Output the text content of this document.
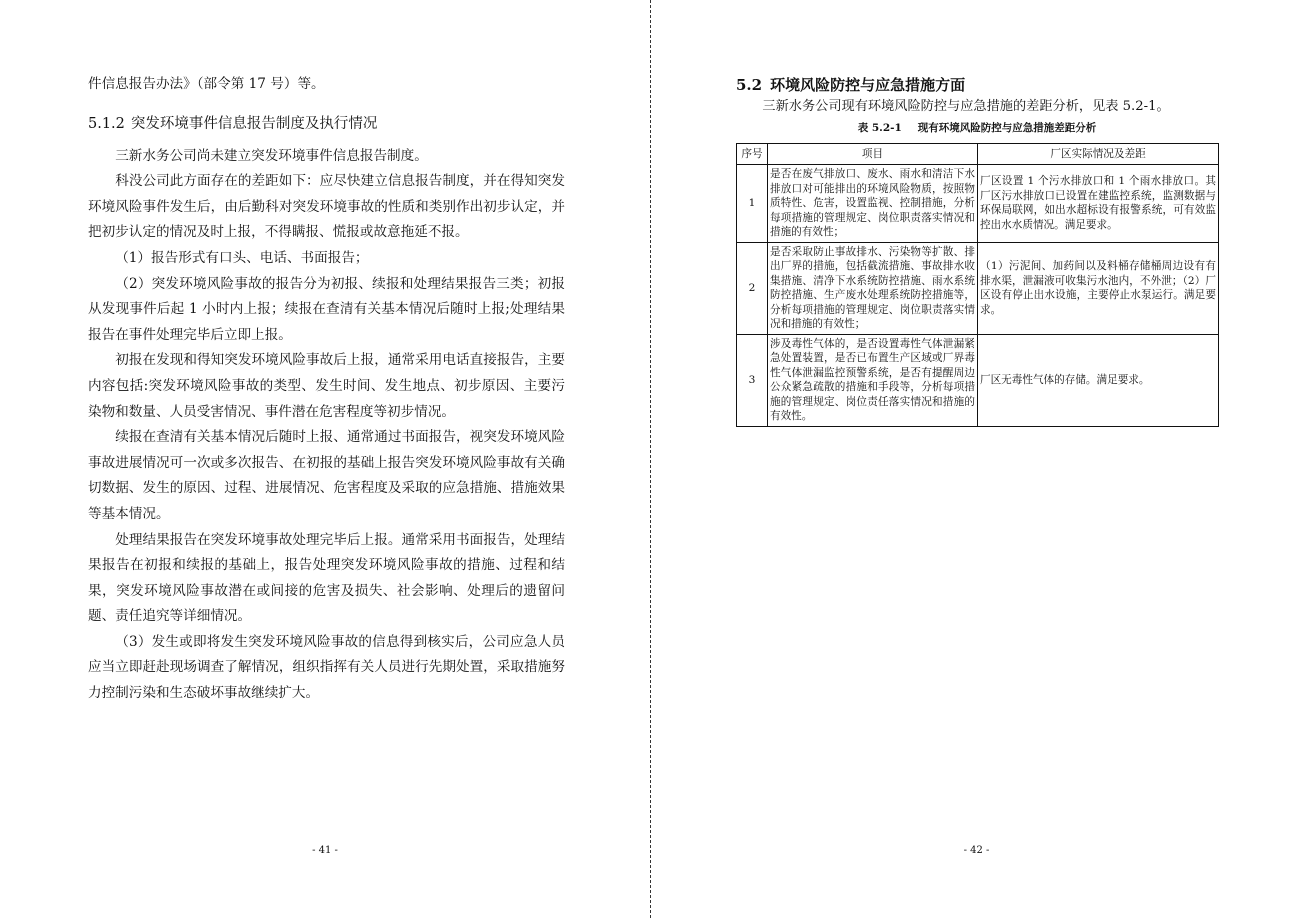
件信息报告办法》（部令第 17 号）等。

5.1.2 突发环境事件信息报告制度及执行情况

三新水务公司尚未建立突发环境事件信息报告制度。

科没公司此方面存在的差距如下：应尽快建立信息报告制度，并在得知突发环境风险事件发生后，由后勤科对突发环境事故的性质和类别作出初步认定，并把初步认定的情况及时上报，不得瞒报、慌报或故意拖延不报。

（1）报告形式有口头、电话、书面报告；

（2）突发环境风险事故的报告分为初报、续报和处理结果报告三类；初报从发现事件后起 1 小时内上报；续报在查清有关基本情况后随时上报;处理结果报告在事件处理完毕后立即上报。

初报在发现和得知突发环境风险事故后上报，通常采用电话直接报告，主要内容包括:突发环境风险事故的类型、发生时间、发生地点、初步原因、主要污染物和数量、人员受害情况、事件潜在危害程度等初步情况。

续报在查清有关基本情况后随时上报、通常通过书面报告，视突发环境风险事故进展情况可一次或多次报告、在初报的基础上报告突发环境风险事故有关确切数据、发生的原因、过程、进展情况、危害程度及采取的应急措施、措施效果等基本情况。

处理结果报告在突发环境事故处理完毕后上报。通常采用书面报告，处理结果报告在初报和续报的基础上，报告处理突发环境风险事故的措施、过程和结果，突发环境风险事故潜在或间接的危害及损失、社会影响、处理后的遗留问题、责任追究等详细情况。

（3）发生或即将发生突发环境风险事故的信息得到核实后，公司应急人员应当立即赶赴现场调查了解情况，组织指挥有关人员进行先期处置，采取措施努力控制污染和生态破坏事故继续扩大。

- 41 -
5.2 环境风险防控与应急措施方面

三新水务公司现有环境风险防控与应急措施的差距分析，见表 5.2-1。

表 5.2-1 现有环境风险防控与应急措施差距分析
序号	项目	厂区实际情况及差距
1	是否在废气排放口、废水、雨水和清洁下水排放口对可能排出的环境风险物质，按照物质特性、危害，设置监视、控制措施，分析每项措施的管理规定、岗位职责落实情况和措施的有效性；	厂区设置 1 个污水排放口和 1 个雨水排放口。其厂区污水排放口已设置在建监控系统，监测数据与环保局联网，如出水超标设有报警系统，可有效监控出水水质情况。满足要求。
2	是否采取防止事故排水、污染物等扩散、排出厂界的措施，包括截流措施、事故排水收集措施、清净下水系统防控措施、雨水系统防控措施、生产废水处理系统防控措施等，分析每项措施的管理规定、岗位职责落实情况和措施的有效性；	（1）污泥间、加药间以及料桶存储桶周边设有有排水渠，泄漏液可收集污水池内，不外泄；（2）厂区设有停止出水设施，主要停止水泵运行。满足要求。
3	涉及毒性气体的，是否设置毒性气体泄漏紧急处置装置，是否已布置生产区域或厂界毒性气体泄漏监控预警系统，是否有提醒周边公众紧急疏散的措施和手段等，分析每项措施的管理规定、岗位责任落实情况和措施的有效性。	厂区无毒性气体的存储。满足要求。
- 42 -
